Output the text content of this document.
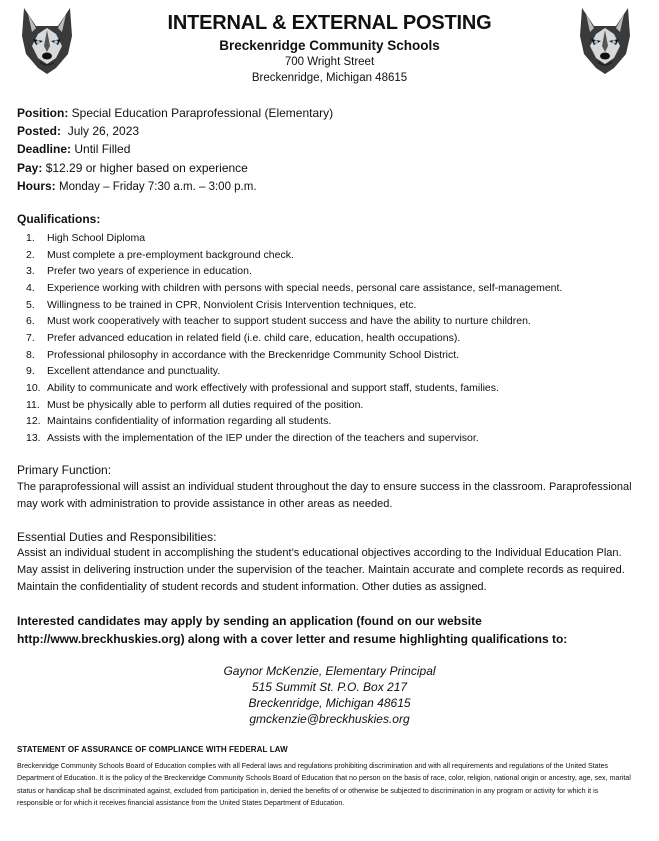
INTERNAL & EXTERNAL POSTING
Breckenridge Community Schools
700 Wright Street
Breckenridge, Michigan 48615
Position: Special Education Paraprofessional (Elementary)
Posted: July 26, 2023
Deadline: Until Filled
Pay: $12.29 or higher based on experience
Hours: Monday – Friday 7:30 a.m. – 3:00 p.m.
Qualifications:
1.	High School Diploma
2.	Must complete a pre-employment background check.
3.	Prefer two years of experience in education.
4.	Experience working with children with persons with special needs, personal care assistance, self-management.
5.	Willingness to be trained in CPR, Nonviolent Crisis Intervention techniques, etc.
6.	Must work cooperatively with teacher to support student success and have the ability to nurture children.
7.	Prefer advanced education in related field (i.e. child care, education, health occupations).
8.	Professional philosophy in accordance with the Breckenridge Community School District.
9.	Excellent attendance and punctuality.
10. Ability to communicate and work effectively with professional and support staff, students, families.
11. Must be physically able to perform all duties required of the position.
12. Maintains confidentiality of information regarding all students.
13. Assists with the implementation of the IEP under the direction of the teachers and supervisor.
Primary Function:
The paraprofessional will assist an individual student throughout the day to ensure success in the classroom. Paraprofessional may work with administration to provide assistance in other areas as needed.
Essential Duties and Responsibilities:
Assist an individual student in accomplishing the student’s educational objectives according to the Individual Education Plan. May assist in delivering instruction under the supervision of the teacher. Maintain accurate and complete records as required. Maintain the confidentiality of student records and student information. Other duties as assigned.
Interested candidates may apply by sending an application (found on our website http://www.breckhuskies.org) along with a cover letter and resume highlighting qualifications to:
Gaynor McKenzie, Elementary Principal
515 Summit St. P.O. Box 217
Breckenridge, Michigan 48615
gmckenzie@breckhuskies.org
STATEMENT OF ASSURANCE OF COMPLIANCE WITH FEDERAL LAW
Breckenridge Community Schools Board of Education complies with all Federal laws and regulations prohibiting discrimination and with all requirements and regulations of the United States Department of Education. It is the policy of the Breckenridge Community Schools Board of Education that no person on the basis of race, color, religion, national origin or ancestry, age, sex, marital status or handicap shall be discriminated against, excluded from participation in, denied the benefits of or otherwise be subjected to discrimination in any program or activity for which it is responsible or for which it receives financial assistance from the United States Department of Education.
